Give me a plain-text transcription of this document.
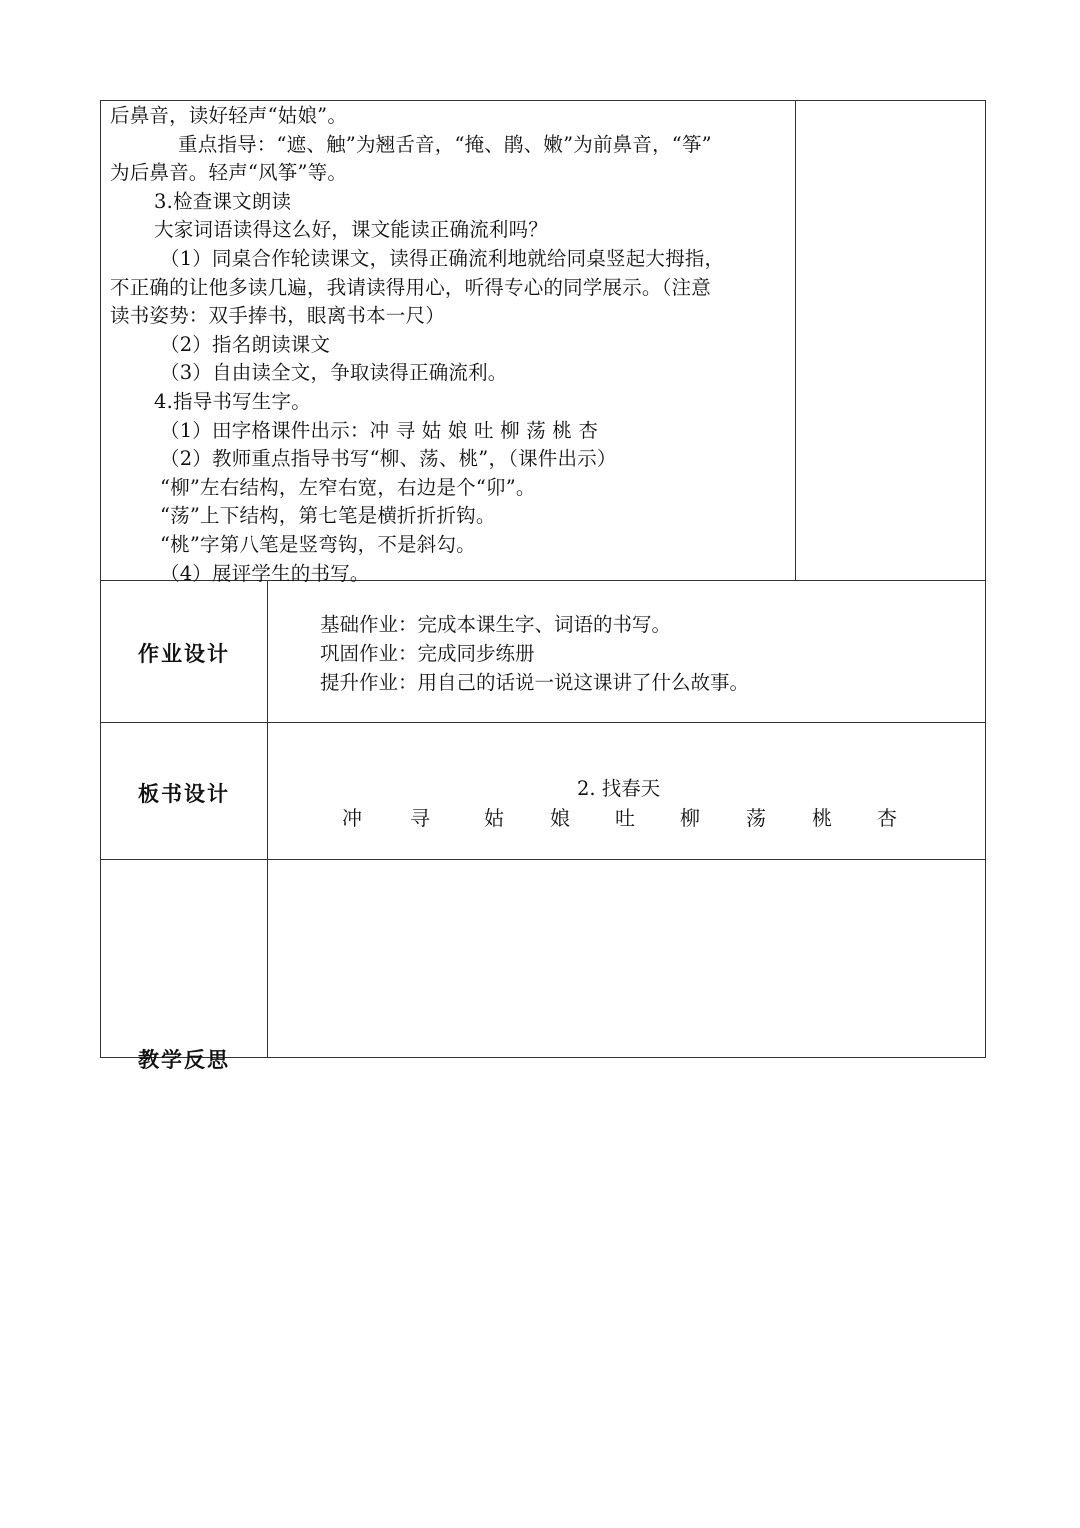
后鼻音，读好轻声“姑娘”。

重点指导：“遮、触”为翘舌音，“掩、鹃、嫩”为前鼻音，“筝”

为后鼻音。轻声“风筝”等。

3.检查课文朗读

大家词语读得这么好，课文能读正确流利吗？

（1）同桌合作轮读课文，读得正确流利地就给同桌竖起大拇指，

不正确的让他多读几遍，我请读得用心，听得专心的同学展示。（注意

读书姿势：双手捧书，眼离书本一尺）

（2）指名朗读课文

（3）自由读全文，争取读得正确流利。

4.指导书写生字。

（1）田字格课件出示：冲 寻 姑 娘 吐 柳 荡 桃 杏

（2）教师重点指导书写“柳、荡、桃”，（课件出示）

“柳”左右结构，左窄右宽，右边是个“卯”。

“荡”上下结构，第七笔是横折折折钩。

“桃”字第八笔是竖弯钩，不是斜勾。

（4）展评学生的书写。

作业设计

基础作业：完成本课生字、词语的书写。

巩固作业：完成同步练册

提升作业：用自己的话说一说这课讲了什么故事。

板书设计	2. 找春天
冲 寻	姑 娘 吐 柳 荡 桃 杏
教学反思
